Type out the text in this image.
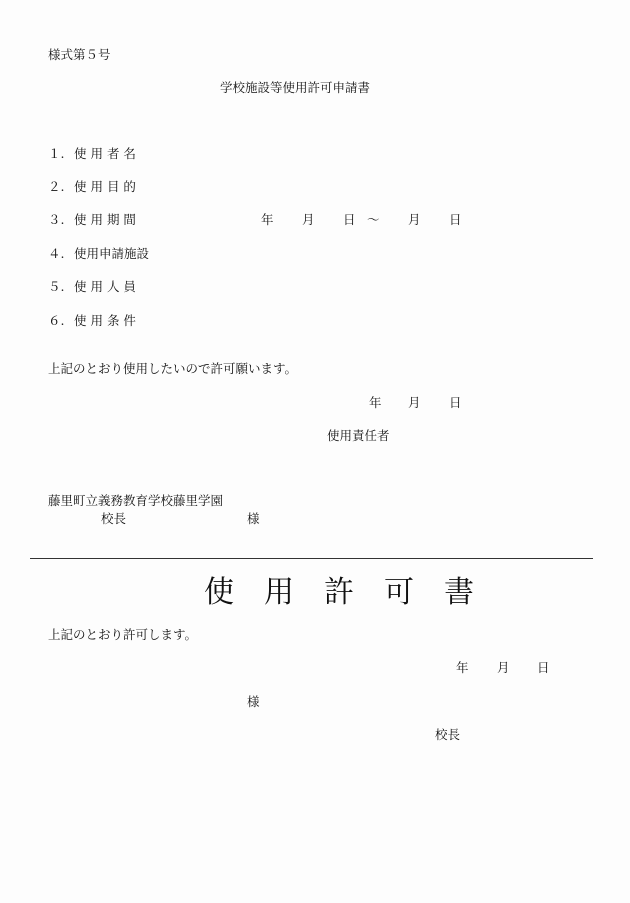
様式第５号
学校施設等使用許可申請書
１. 使 用 者 名
２. 使 用 目 的
３. 使 用 期 間
４. 使用申請施設
５. 使 用 人 員
６. 使 用 条 件
年 月 日 ～ 月 日
上記のとおり使用したいので許可願います。
年 月 日
使用責任者
藤里町立義務教育学校藤里学園
校長	様
使　用　許　可　書
上記のとおり許可します。
年 月 日
様
校長
